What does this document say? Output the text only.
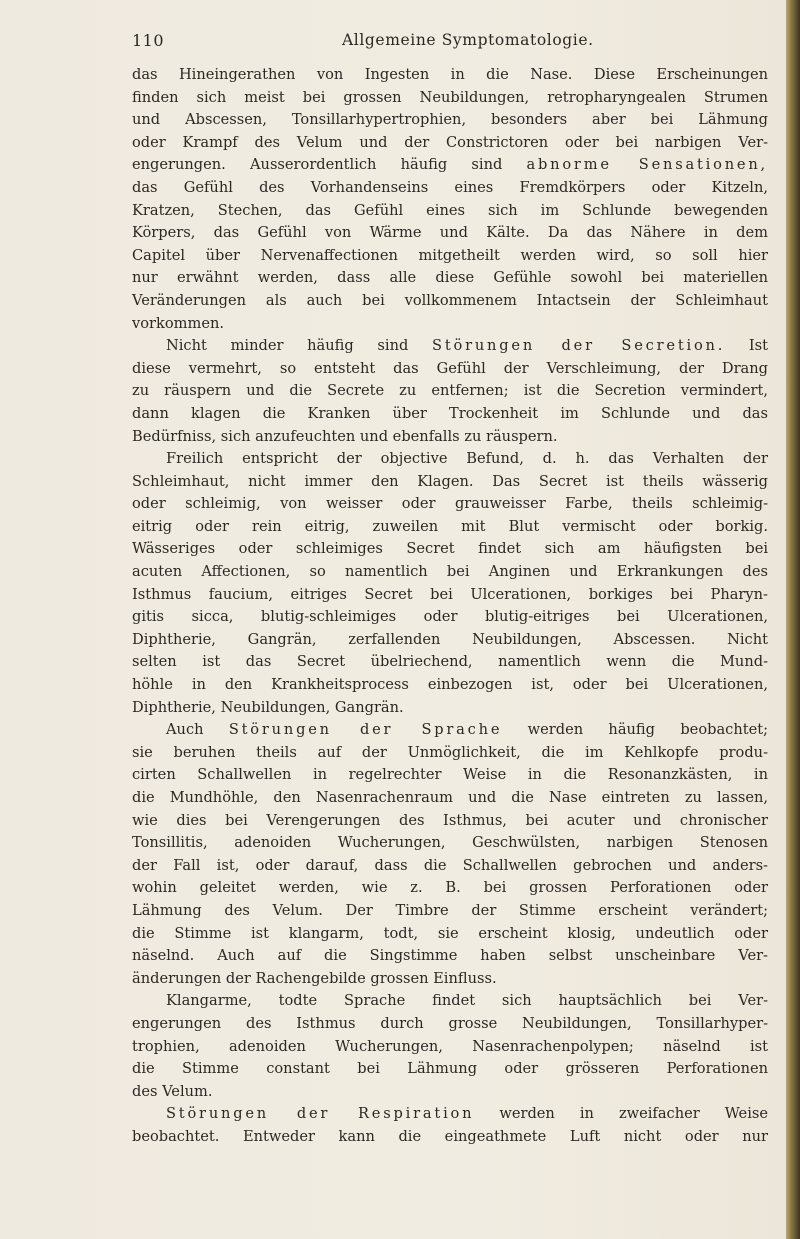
110	Allgemeine Symptomatologie.
das Hineingerathen von Ingesten in die Nase. Diese Erscheinungen
finden sich meist bei grossen Neubildungen, retropharyngealen Strumen
und Abscessen, Tonsillarhypertrophien, besonders aber bei Lähmung
oder Krampf des Velum und der Constrictoren oder bei narbigen Ver-
engerungen. Ausserordentlich häufig sind abnorme Sensationen,
das Gefühl des Vorhandenseins eines Fremdkörpers oder Kitzeln,
Kratzen, Stechen, das Gefühl eines sich im Schlunde bewegenden
Körpers, das Gefühl von Wärme und Kälte. Da das Nähere in dem
Capitel über Nervenaffectionen mitgetheilt werden wird, so soll hier
nur erwähnt werden, dass alle diese Gefühle sowohl bei materiellen
Veränderungen als auch bei vollkommenem Intactsein der Schleimhaut
vorkommen.
Nicht minder häufig sind Störungen der Secretion. Ist
diese vermehrt, so entsteht das Gefühl der Verschleimung, der Drang
zu räuspern und die Secrete zu entfernen; ist die Secretion vermindert,
dann klagen die Kranken über Trockenheit im Schlunde und das
Bedürfniss, sich anzufeuchten und ebenfalls zu räuspern.
Freilich entspricht der objective Befund, d. h. das Verhalten der
Schleimhaut, nicht immer den Klagen. Das Secret ist theils wässerig
oder schleimig, von weisser oder grauweisser Farbe, theils schleimig-
eitrig oder rein eitrig, zuweilen mit Blut vermischt oder borkig.
Wässeriges oder schleimiges Secret findet sich am häufigsten bei
acuten Affectionen, so namentlich bei Anginen und Erkrankungen des
Isthmus faucium, eitriges Secret bei Ulcerationen, borkiges bei Pharyn-
gitis sicca, blutig-schleimiges oder blutig-eitriges bei Ulcerationen,
Diphtherie, Gangrän, zerfallenden Neubildungen, Abscessen. Nicht
selten ist das Secret übelriechend, namentlich wenn die Mund-
höhle in den Krankheitsprocess einbezogen ist, oder bei Ulcerationen,
Diphtherie, Neubildungen, Gangrän.
Auch Störungen der Sprache werden häufig beobachtet;
sie beruhen theils auf der Unmöglichkeit, die im Kehlkopfe produ-
cirten Schallwellen in regelrechter Weise in die Resonanzkästen, in
die Mundhöhle, den Nasenrachenraum und die Nase eintreten zu lassen,
wie dies bei Verengerungen des Isthmus, bei acuter und chronischer
Tonsillitis, adenoiden Wucherungen, Geschwülsten, narbigen Stenosen
der Fall ist, oder darauf, dass die Schallwellen gebrochen und anders-
wohin geleitet werden, wie z. B. bei grossen Perforationen oder
Lähmung des Velum. Der Timbre der Stimme erscheint verändert;
die Stimme ist klangarm, todt, sie erscheint klosig, undeutlich oder
näselnd. Auch auf die Singstimme haben selbst unscheinbare Ver-
änderungen der Rachengebilde grossen Einfluss.
Klangarme, todte Sprache findet sich hauptsächlich bei Ver-
engerungen des Isthmus durch grosse Neubildungen, Tonsillarhyper-
trophien, adenoiden Wucherungen, Nasenrachenpolypen; näselnd ist
die Stimme constant bei Lähmung oder grösseren Perforationen
des Velum.
Störungen der Respiration werden in zweifacher Weise
beobachtet. Entweder kann die eingeathmete Luft nicht oder nur
